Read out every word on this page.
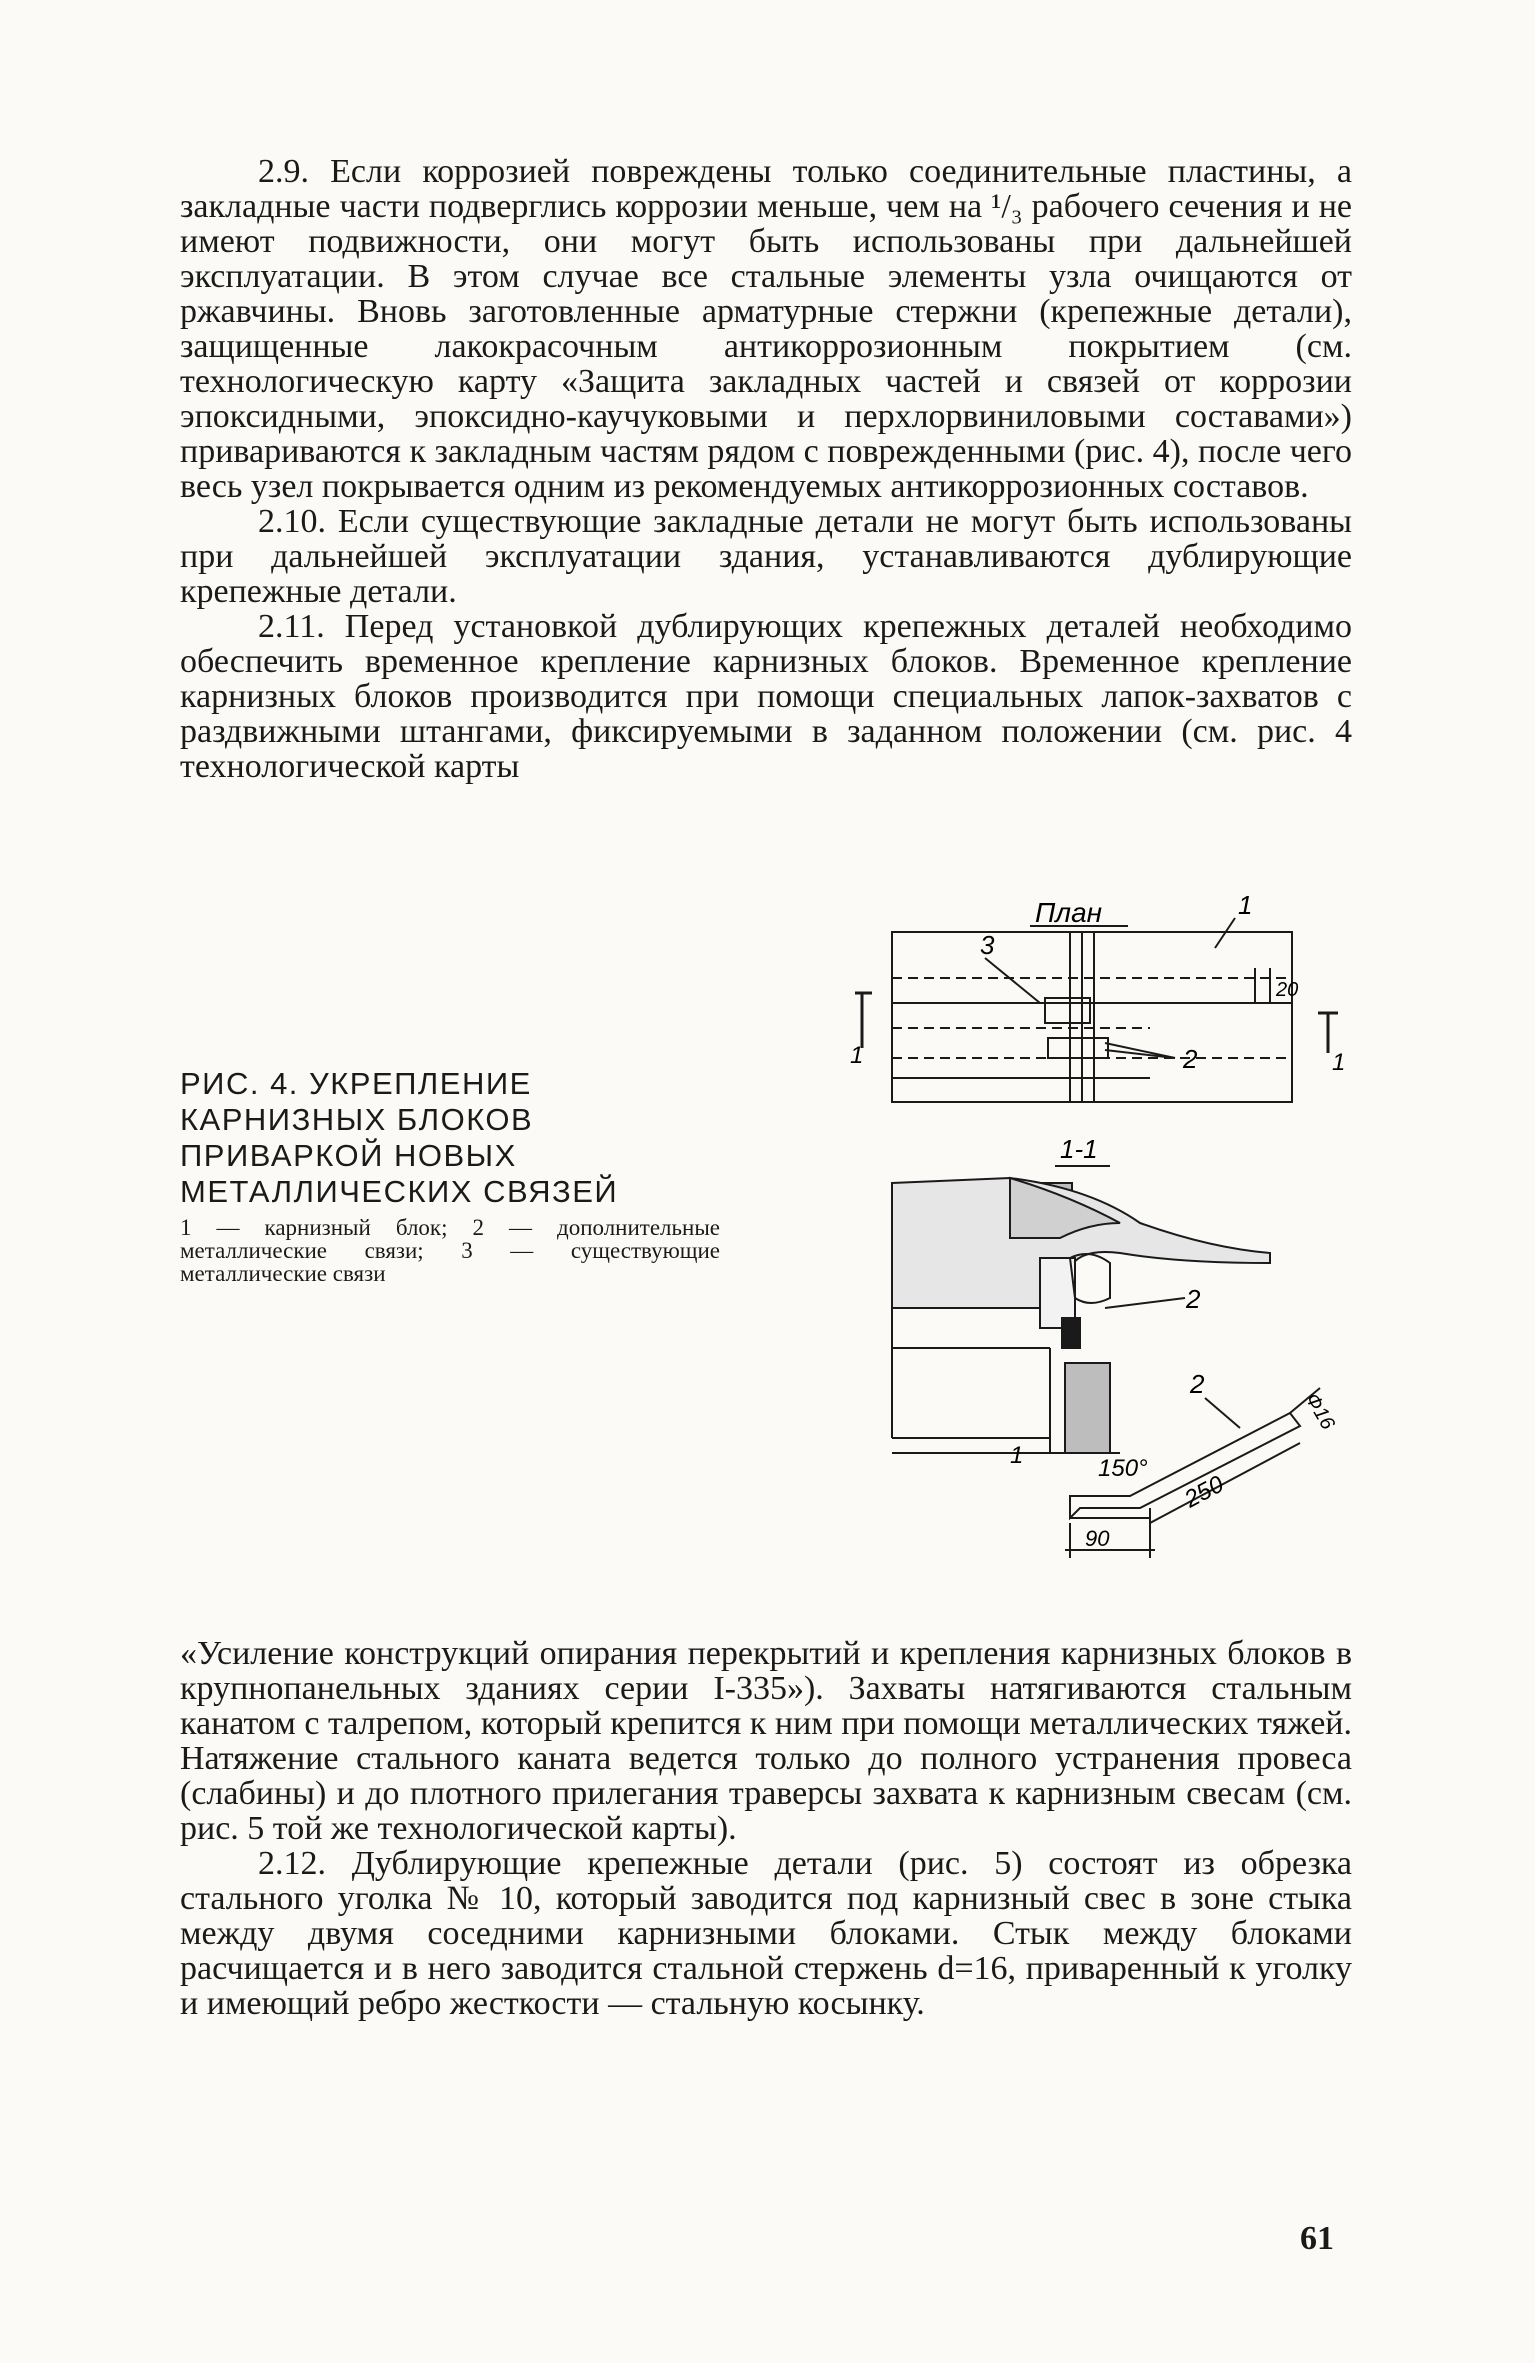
2.9. Если коррозией повреждены только соединительные пластины, а закладные части подверглись коррозии меньше, чем на ¹/₃ рабочего сечения и не имеют подвижности, они могут быть использованы при дальнейшей эксплуатации. В этом случае все стальные элементы узла очищаются от ржавчины. Вновь заготовленные арматурные стержни (крепежные детали), защищенные лакокрасочным антикоррозионным покрытием (см. технологическую карту «Защита закладных частей и связей от коррозии эпоксидными, эпоксидно-каучуковыми и перхлорвиниловыми составами») привариваются к закладным частям рядом с поврежденными (рис. 4), после чего весь узел покрывается одним из рекомендуемых антикоррозионных составов.

2.10. Если существующие закладные детали не могут быть использованы при дальнейшей эксплуатации здания, устанавливаются дублирующие крепежные детали.

2.11. Перед установкой дублирующих крепежных деталей необходимо обеспечить временное крепление карнизных блоков. Временное крепление карнизных блоков производится при помощи специальных лапок-захватов с раздвижными штангами, фиксируемыми в заданном положении (см. рис. 4 технологической карты

РИС. 4. УКРЕПЛЕНИЕ КАРНИЗНЫХ БЛОКОВ ПРИВАРКОЙ НОВЫХ МЕТАЛЛИЧЕСКИХ СВЯЗЕЙ

1 — карнизный блок; 2 — дополнительные металлические связи; 3 — существующие металлические связи

План	1
3
2
20
1	1
1-1
2
1
2
150°
250
90
Ф16

«Усиление конструкций опирания перекрытий и крепления карнизных блоков в крупнопанельных зданиях серии I-335»). Захваты натягиваются стальным канатом с талрепом, который крепится к ним при помощи металлических тяжей. Натяжение стального каната ведется только до полного устранения провеса (слабины) и до плотного прилегания траверсы захвата к карнизным свесам (см. рис. 5 той же технологической карты).

2.12. Дублирующие крепежные детали (рис. 5) состоят из обрезка стального уголка № 10, который заводится под карнизный свес в зоне стыка между двумя соседними карнизными блоками. Стык между блоками расчищается и в него заводится стальной стержень d=16, приваренный к уголку и имеющий ребро жесткости — стальную косынку.

61
